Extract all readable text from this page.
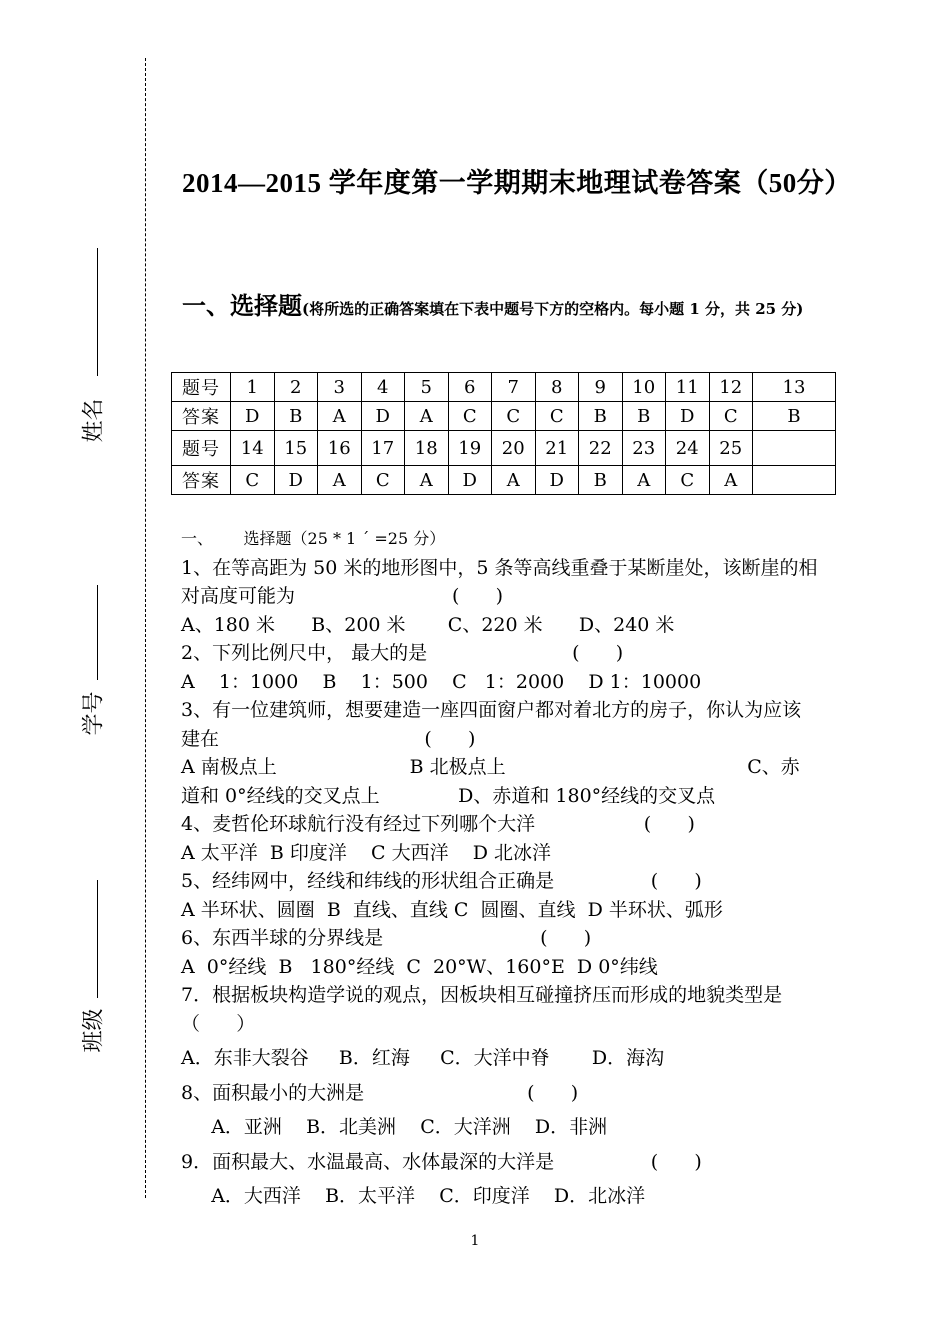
姓名
学号
班级
2014—2015 学年度第一学期期末地理试卷答案（50分）
一、选择题(将所选的正确答案填在下表中题号下方的空格内。每小题 1 分，共 25 分)
题号	1	2	3	4	5	6	7	8	9	10	11	12	13
答案	D	B	A	D	A	C	C	C	B	B	D	C	B
题号	14	15	16	17	18	19	20	21	22	23	24	25	
答案	C	D	A	C	A	D	A	D	B	A	C	A	
一、      选择题（25 * 1 ´ =25 分）
1、在等高距为 50 米的地形图中，5 条等高线重叠于某断崖处，该断崖的相
对高度可能为                          (      )
A、180 米      B、200 米       C、220 米      D、240 米
2、下列比例尺中， 最大的是                        (      )
A    1：1000    B    1：500    C   1：2000    D 1：10000
3、有一位建筑师，想要建造一座四面窗户都对着北方的房子，你认为应该
建在                                  (      )
A 南极点上                      B 北极点上                                        C、赤
道和 0°经线的交叉点上             D、赤道和 180°经线的交叉点
4、麦哲伦环球航行没有经过下列哪个大洋                  (      )
A 太平洋  B 印度洋    C 大西洋    D 北冰洋
5、经纬网中，经线和纬线的形状组合正确是                (      )
A 半环状、圆圈  B  直线、直线 C  圆圈、直线  D 半环状、弧形
6、东西半球的分界线是                          (      )
A  0°经线  B   180°经线  C  20°W、160°E  D 0°纬线
7．根据板块构造学说的观点，因板块相互碰撞挤压而形成的地貌类型是
（      ）
A．东非大裂谷     B．红海     C．大洋中脊       D．海沟
8、面积最小的大洲是                           (      )
A．亚洲    B．北美洲    C．大洋洲    D．非洲
9．面积最大、水温最高、水体最深的大洋是                (      )
A．大西洋    B．太平洋    C．印度洋    D．北冰洋
1
